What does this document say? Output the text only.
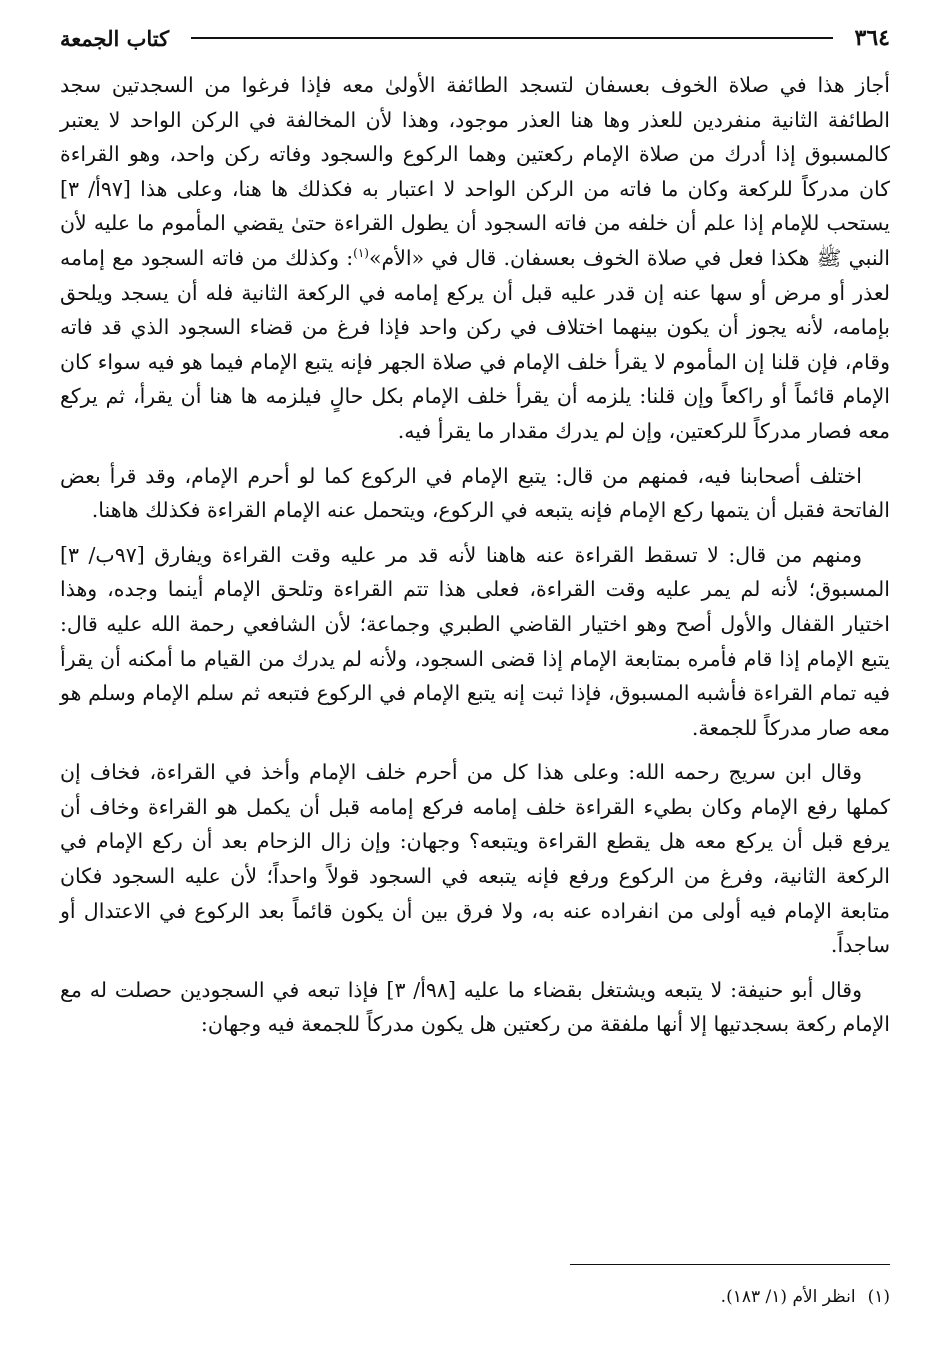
٣٦٤
كتاب الجمعة

أجاز هذا في صلاة الخوف بعسفان لتسجد الطائفة الأولىٰ معه فإذا فرغوا من السجدتين سجد الطائفة الثانية منفردين للعذر وها هنا العذر موجود، وهذا لأن المخالفة في الركن الواحد لا يعتبر كالمسبوق إذا أدرك من صلاة الإمام ركعتين وهما الركوع والسجود وفاته ركن واحد، وهو القراءة كان مدركاً للركعة وكان ما فاته من الركن الواحد لا اعتبار به فكذلك ها هنا، وعلى هذا [٩٧أ/ ٣] يستحب للإمام إذا علم أن خلفه من فاته السجود أن يطول القراءة حتىٰ يقضي المأموم ما عليه لأن النبي ﷺ هكذا فعل في صلاة الخوف بعسفان. قال في «الأم»$^{(١)}$: وكذلك من فاته السجود مع إمامه لعذر أو مرض أو سها عنه إن قدر عليه قبل أن يركع إمامه في الركعة الثانية فله أن يسجد ويلحق بإمامه، لأنه يجوز أن يكون بينهما اختلاف في ركن واحد فإذا فرغ من قضاء السجود الذي قد فاته وقام، فإن قلنا إن المأموم لا يقرأ خلف الإمام في صلاة الجهر فإنه يتبع الإمام فيما هو فيه سواء كان الإمام قائماً أو راكعاً وإن قلنا: يلزمه أن يقرأ خلف الإمام بكل حالٍ فيلزمه ها هنا أن يقرأ، ثم يركع معه فصار مدركاً للركعتين، وإن لم يدرك مقدار ما يقرأ فيه.

اختلف أصحابنا فيه، فمنهم من قال: يتبع الإمام في الركوع كما لو أحرم الإمام، وقد قرأ بعض الفاتحة فقبل أن يتمها ركع الإمام فإنه يتبعه في الركوع، ويتحمل عنه الإمام القراءة فكذلك هاهنا.

ومنهم من قال: لا تسقط القراءة عنه هاهنا لأنه قد مر عليه وقت القراءة ويفارق [٩٧ب/ ٣] المسبوق؛ لأنه لم يمر عليه وقت القراءة، فعلى هذا تتم القراءة وتلحق الإمام أينما وجده، وهذا اختيار القفال والأول أصح وهو اختيار القاضي الطبري وجماعة؛ لأن الشافعي رحمة الله عليه قال: يتبع الإمام إذا قام فأمره بمتابعة الإمام إذا قضى السجود، ولأنه لم يدرك من القيام ما أمكنه أن يقرأ فيه تمام القراءة فأشبه المسبوق، فإذا ثبت إنه يتبع الإمام في الركوع فتبعه ثم سلم الإمام وسلم هو معه صار مدركاً للجمعة.

وقال ابن سريج رحمه الله: وعلى هذا كل من أحرم خلف الإمام وأخذ في القراءة، فخاف إن كملها رفع الإمام وكان بطيء القراءة خلف إمامه فركع إمامه قبل أن يكمل هو القراءة وخاف أن يرفع قبل أن يركع معه هل يقطع القراءة ويتبعه؟ وجهان: وإن زال الزحام بعد أن ركع الإمام في الركعة الثانية، وفرغ من الركوع ورفع فإنه يتبعه في السجود قولاً واحداً؛ لأن عليه السجود فكان متابعة الإمام فيه أولى من انفراده عنه به، ولا فرق بين أن يكون قائماً بعد الركوع في الاعتدال أو ساجداً.

وقال أبو حنيفة: لا يتبعه ويشتغل بقضاء ما عليه [٩٨أ/ ٣] فإذا تبعه في السجودين حصلت له مع الإمام ركعة بسجدتيها إلا أنها ملفقة من ركعتين هل يكون مدركاً للجمعة فيه وجهان:

(١)انظر الأم (١/ ١٨٣).
